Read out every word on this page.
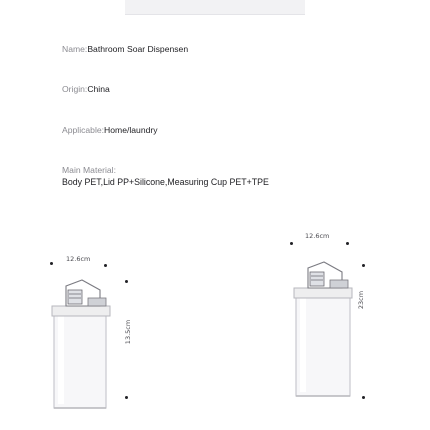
Name:Bathroom Soar Dispensen
Origin:China
Applicable:Home/laundry
Main Material:
Body PET,Lid PP+Silicone,Measuring Cup PET+TPE
12.6cm
23cm
12.6cm
13.5cm
